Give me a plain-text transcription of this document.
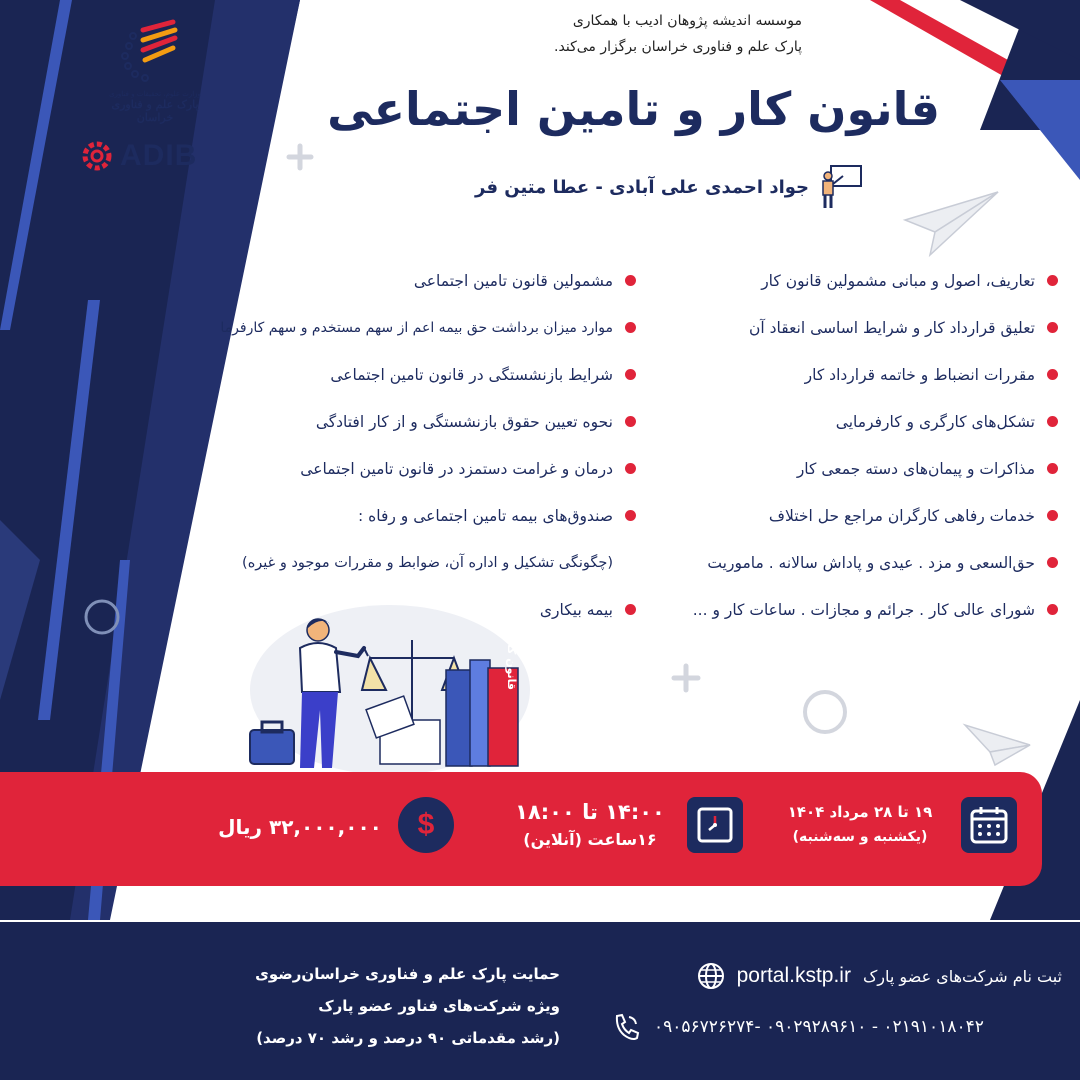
وزارت علوم، تحقیقات و فناوری
پارک علم و فناوری خراسان
ADIB
موسسه اندیشه پژوهان ادیب با همکاری
پارک علم و فناوری خراسان برگزار می‌کند.
قانون کار و تامین اجتماعی
جواد احمدی علی آبادی - عطا متین فر
تعاریف، اصول و مبانی مشمولین قانون کار
تعلیق قرارداد کار و شرایط اساسی انعقاد آن
مقررات انضباط و خاتمه قرارداد کار
تشکل‌های کارگری و کارفرمایی
مذاکرات و پیمان‌های دسته جمعی کار
خدمات رفاهی کارگران مراجع حل اختلاف
حق‌السعی و مزد . عیدی و پاداش سالانه . ماموریت
شورای عالی کار . جرائم و مجازات . ساعات کار و ...
مشمولین قانون تامین اجتماعی
موارد میزان برداشت حق بیمه اعم از سهم مستخدم و سهم کارفرما
شرایط بازنشستگی در قانون تامین اجتماعی
نحوه تعیین حقوق بازنشستگی و از کار افتادگی
درمان و غرامت دستمزد در قانون تامین اجتماعی
صندوق‌های بیمه تامین اجتماعی و رفاه :
(چگونگی تشکیل و اداره آن، ضوابط و مقررات موجود و غیره)
بیمه بیکاری
قانون کار
۱۹ تا ۲۸ مرداد ۱۴۰۴
(یکشنبه و سه‌شنبه)
۱۴:۰۰ تا ۱۸:۰۰
۱۶ساعت (آنلاین)
$
۳۲,۰۰۰,۰۰۰ ریال
ثبت نام شرکت‌های عضو پارک
portal.kstp.ir
۰۲۱۹۱۰۱۸۰۴۲ - ۰۹۰۲۹۲۸۹۶۱۰ -۰۹۰۵۶۷۲۶۲۷۴
حمایت پارک علم و فناوری خراسان‌رضوی
ویژه شرکت‌های فناور عضو پارک
(رشد مقدماتی ۹۰ درصد و رشد ۷۰ درصد)
